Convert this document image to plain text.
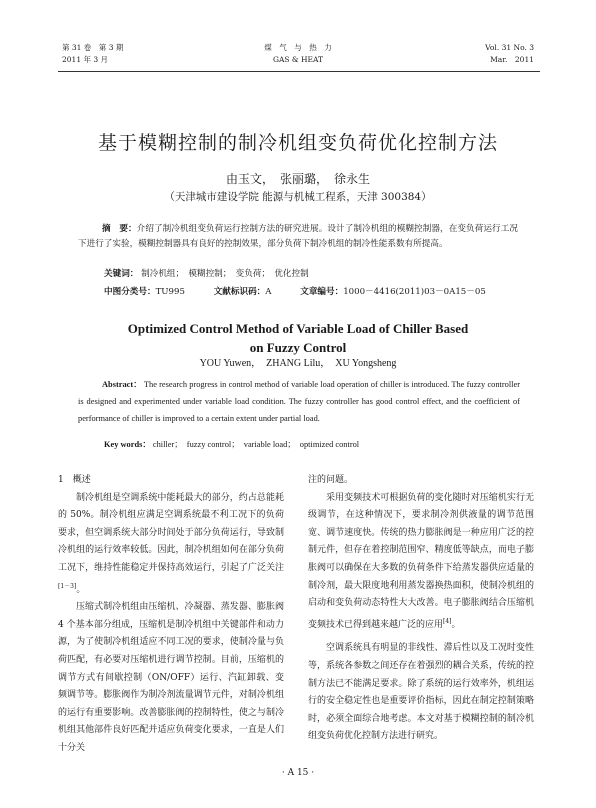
第 31 卷　第 3 期
2011 年 3 月
煤　气　与　热　力
GAS & HEAT
Vol. 31 No. 3
Mar.　2011
基于模糊控制的制冷机组变负荷优化控制方法
由玉文，　张丽璐，　徐永生
（天津城市建设学院 能源与机械工程系，天津 300384）
摘　要：介绍了制冷机组变负荷运行控制方法的研究进展。设计了制冷机组的模糊控制器，在变负荷运行工况下进行了实验，模糊控制器具有良好的控制效果，部分负荷下制冷机组的制冷性能系数有所提高。
关键词： 制冷机组；　模糊控制；　变负荷；　优化控制
中图分类号：TU995	文献标识码：A	文章编号：1000－4416(2011)03－0A15－05
Optimized Control Method of Variable Load of Chiller Based
on Fuzzy Control
YOU Yuwen，　ZHANG Lilu，　XU Yongsheng
Abstract： The research progress in control method of variable load operation of chiller is introduced. The fuzzy controller is designed and experimented under variable load condition. The fuzzy controller has good control effect, and the coefficient of performance of chiller is improved to a certain extent under partial load.
Key words： chiller；　fuzzy control；　variable load；　optimized control

1　概述

制冷机组是空调系统中能耗最大的部分，约占总能耗的 50%。制冷机组应满足空调系统最不利工况下的负荷要求，但空调系统大部分时间处于部分负荷运行，导致制冷机组的运行效率较低。因此，制冷机组如何在部分负荷工况下，维持性能稳定并保持高效运行，引起了广泛关注[1－3]。

压缩式制冷机组由压缩机、冷凝器、蒸发器、膨胀阀 4 个基本部分组成，压缩机是制冷机组中关键部件和动力源，为了使制冷机组适应不同工况的要求，使制冷量与负荷匹配，有必要对压缩机进行调节控制。目前，压缩机的调节方式有间歇控制（ON/OFF）运行、汽缸卸载、变频调节等。膨胀阀作为制冷剂流量调节元件，对制冷机组的运行有重要影响。改善膨胀阀的控制特性，使之与制冷机组其他部件良好匹配并适应负荷变化要求，一直是人们十分关

注的问题。

采用变频技术可根据负荷的变化随时对压缩机实行无级调节，在这种情况下，要求制冷剂供液量的调节范围宽、调节速度快。传统的热力膨胀阀是一种应用广泛的控制元件，但存在着控制范围窄、精度低等缺点，而电子膨胀阀可以确保在大多数的负荷条件下给蒸发器供应适量的制冷剂，最大限度地利用蒸发器换热面积，使制冷机组的启动和变负荷动态特性大大改善。电子膨胀阀结合压缩机变频技术已得到越来越广泛的应用[4]。

空调系统具有明显的非线性、滞后性以及工况时变性等，系统各参数之间还存在着强烈的耦合关系，传统的控制方法已不能满足要求。除了系统的运行效率外，机组运行的安全稳定性也是重要评价指标，因此在制定控制策略时，必须全面综合地考虑。本文对基于模糊控制的制冷机组变负荷优化控制方法进行研究。

· A 15 ·
